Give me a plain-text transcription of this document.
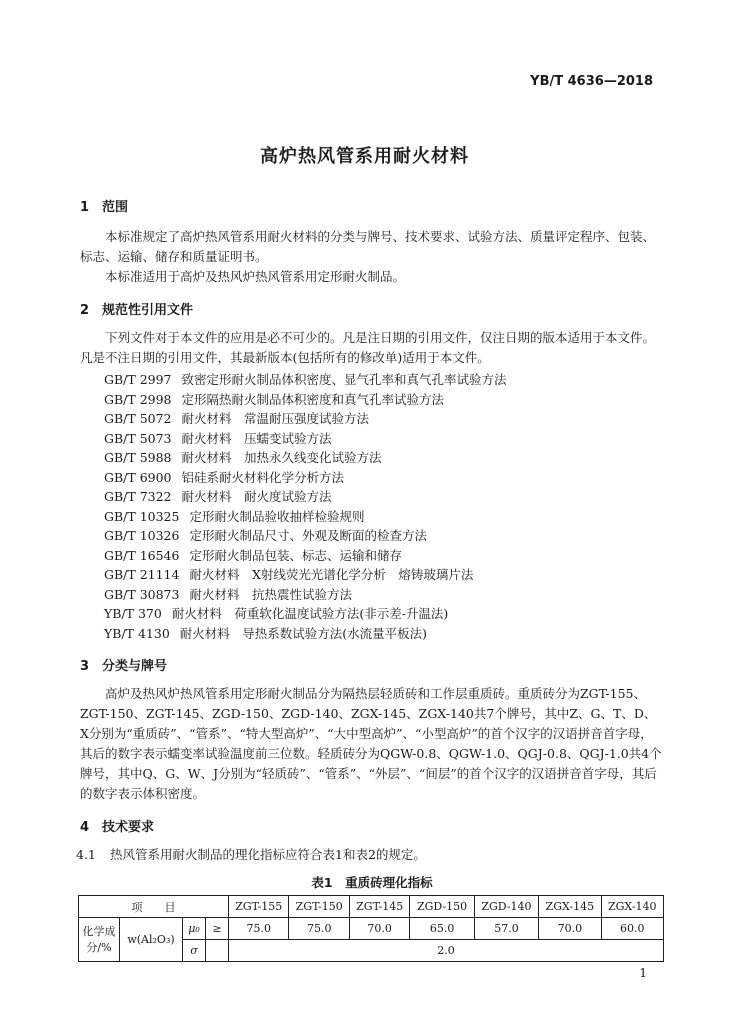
YB/T 4636—2018
高炉热风管系用耐火材料

1 范围

本标准规定了高炉热风管系用耐火材料的分类与牌号、技术要求、试验方法、质量评定程序、包装、标志、运输、储存和质量证明书。

本标准适用于高炉及热风炉热风管系用定形耐火制品。

2 规范性引用文件

下列文件对于本文件的应用是必不可少的。凡是注日期的引用文件，仅注日期的版本适用于本文件。凡是不注日期的引用文件，其最新版本(包括所有的修改单)适用于本文件。

GB/T 2997 致密定形耐火制品体积密度、显气孔率和真气孔率试验方法
GB/T 2998 定形隔热耐火制品体积密度和真气孔率试验方法
GB/T 5072 耐火材料　常温耐压强度试验方法
GB/T 5073 耐火材料　压蠕变试验方法
GB/T 5988 耐火材料　加热永久线变化试验方法
GB/T 6900 铝硅系耐火材料化学分析方法
GB/T 7322 耐火材料　耐火度试验方法
GB/T 10325 定形耐火制品验收抽样检验规则
GB/T 10326 定形耐火制品尺寸、外观及断面的检查方法
GB/T 16546 定形耐火制品包装、标志、运输和储存
GB/T 21114 耐火材料　X射线荧光光谱化学分析　熔铸玻璃片法
GB/T 30873 耐火材料　抗热震性试验方法
YB/T 370 耐火材料　荷重软化温度试验方法(非示差-升温法)
YB/T 4130 耐火材料　导热系数试验方法(水流量平板法)

3 分类与牌号

高炉及热风炉热风管系用定形耐火制品分为隔热层轻质砖和工作层重质砖。重质砖分为ZGT-155、ZGT-150、ZGT-145、ZGD-150、ZGD-140、ZGX-145、ZGX-140共7个牌号，其中Z、G、T、D、X分别为“重质砖”、“管系”、“特大型高炉”、“大中型高炉”、“小型高炉”的首个汉字的汉语拼音首字母，其后的数字表示蠕变率试验温度前三位数。轻质砖分为QGW-0.8、QGW-1.0、QGJ-0.8、QGJ-1.0共4个牌号，其中Q、G、W、J分别为“轻质砖”、“管系”、“外层”、“间层”的首个汉字的汉语拼音首字母，其后的数字表示体积密度。

4 技术要求

4.1 热风管系用耐火制品的理化指标应符合表1和表2的规定。

表1　重质砖理化指标

项　　目				ZGT-155	ZGT-150	ZGT-145	ZGD-150	ZGD-140	ZGX-145	ZGX-140
化学成分/%	w(Al₂O₃)	μ₀	≥	75.0	75.0	70.0	65.0	57.0	70.0	60.0
		σ		2.0						
1
